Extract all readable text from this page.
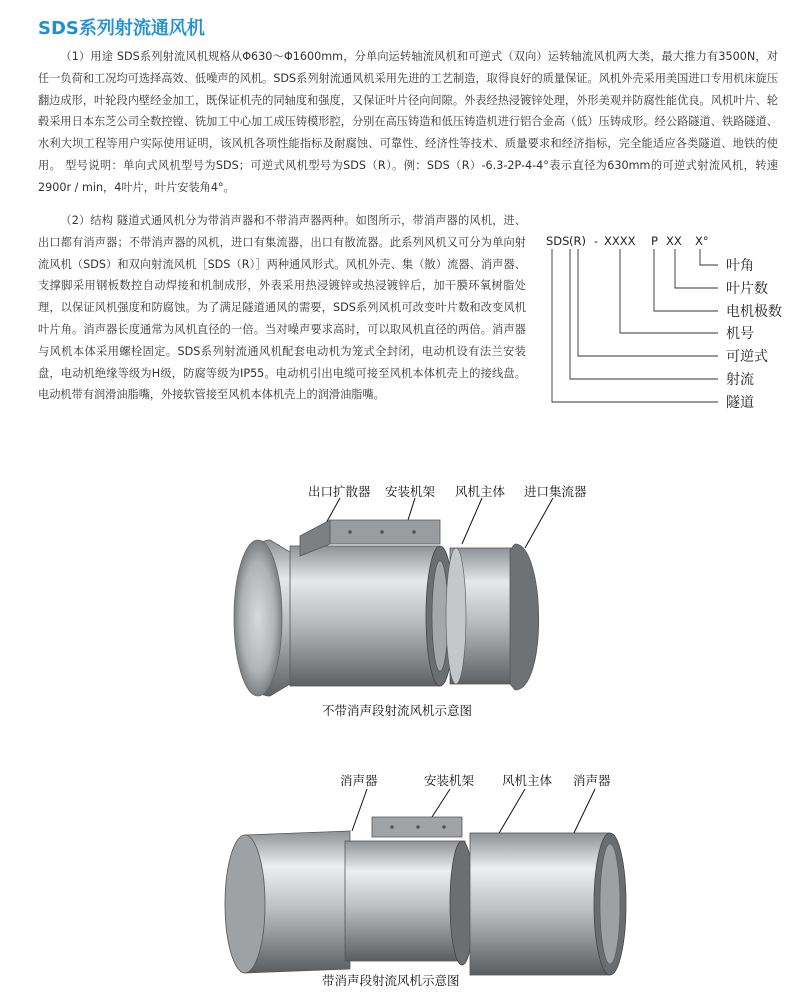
SDS系列射流通风机

（1）用途 SDS系列射流风机规格从Φ630～Φ1600mm，分单向运转轴流风机和可逆式（双向）运转轴流风机两大类，最大推力有3500N，对任一负荷和工况均可选择高效、低噪声的风机。SDS系列射流通风机采用先进的工艺制造，取得良好的质量保证。风机外壳采用美国进口专用机床旋压翻边成形，叶轮段内壁经金加工，既保证机壳的同轴度和强度，又保证叶片径向间隙。外表经热浸镀锌处理，外形美观并防腐性能优良。风机叶片、轮毂采用日本东芝公司全数控镗、铣加工中心加工成压铸模形腔，分别在高压铸造和低压铸造机进行铝合金高（低）压铸成形。经公路隧道、铁路隧道、水利大坝工程等用户实际使用证明，该风机各项性能指标及耐腐蚀、可靠性、经济性等技术、质量要求和经济指标，完全能适应各类隧道、地铁的使用。 型号说明：单向式风机型号为SDS；可逆式风机型号为SDS（R）。例：SDS（R）-6.3-2P-4-4°表示直径为630mm的可逆式射流风机，转速2900r / min，4叶片，叶片安装角4°。

（2）结构 隧道式通风机分为带消声器和不带消声器两种。如图所示，带消声器的风机，进、出口都有消声器；不带消声器的风机，进口有集流器，出口有散流器。此系列风机又可分为单向射流风机（SDS）和双向射流风机［SDS（R）］两种通风形式。风机外壳、集（散）流器、消声器、支撑脚采用钢板数控自动焊接和机制成形，外表采用热浸镀锌或热浸镀锌后，加干膜环氧树脂处理，以保证风机强度和防腐蚀。为了满足隧道通风的需要，SDS系列风机可改变叶片数和改变风机叶片角。消声器长度通常为风机直径的一倍。当对噪声要求高时，可以取风机直径的两倍。消声器与风机本体采用螺栓固定。SDS系列射流通风机配套电动机为笼式全封闭，电动机设有法兰安装盘，电动机绝缘等级为H级，防腐等级为IP55。电动机引出电缆可接至风机本体机壳上的接线盘。电动机带有润滑油脂嘴，外接软管接至风机本体机壳上的润滑油脂嘴。

SDS (R) - XXXX P XX X°
叶角
叶片数
电机极数
机号
可逆式
射流
隧道
出口扩散器 安装机架 风机主体 进口集流器
不带消声段射流风机示意图
消声器	安装机架 风机主体 消声器
带消声段射流风机示意图
